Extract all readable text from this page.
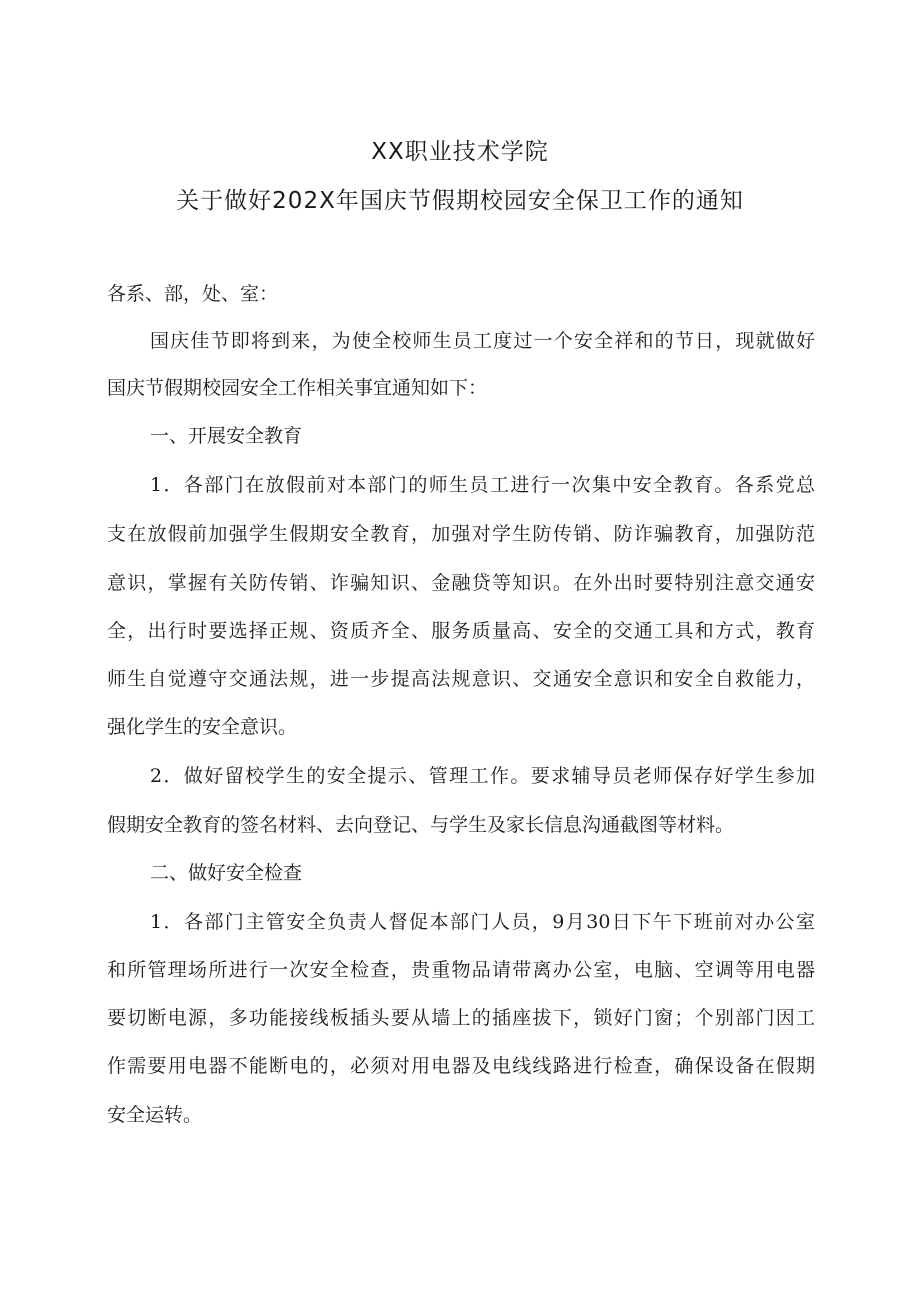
XX职业技术学院
关于做好202X年国庆节假期校园安全保卫工作的通知
各系、部，处、室：
国庆佳节即将到来，为使全校师生员工度过一个安全祥和的节日，现就做好
国庆节假期校园安全工作相关事宜通知如下：
一、开展安全教育
1．各部门在放假前对本部门的师生员工进行一次集中安全教育。各系党总
支在放假前加强学生假期安全教育，加强对学生防传销、防诈骗教育，加强防范
意识，掌握有关防传销、诈骗知识、金融贷等知识。在外出时要特别注意交通安
全，出行时要选择正规、资质齐全、服务质量高、安全的交通工具和方式，教育
师生自觉遵守交通法规，进一步提高法规意识、交通安全意识和安全自救能力，
强化学生的安全意识。
2．做好留校学生的安全提示、管理工作。要求辅导员老师保存好学生参加
假期安全教育的签名材料、去向登记、与学生及家长信息沟通截图等材料。
二、做好安全检查
1．各部门主管安全负责人督促本部门人员，9月30日下午下班前对办公室
和所管理场所进行一次安全检查，贵重物品请带离办公室，电脑、空调等用电器
要切断电源，多功能接线板插头要从墙上的插座拔下，锁好门窗；个别部门因工
作需要用电器不能断电的，必须对用电器及电线线路进行检查，确保设备在假期
安全运转。
